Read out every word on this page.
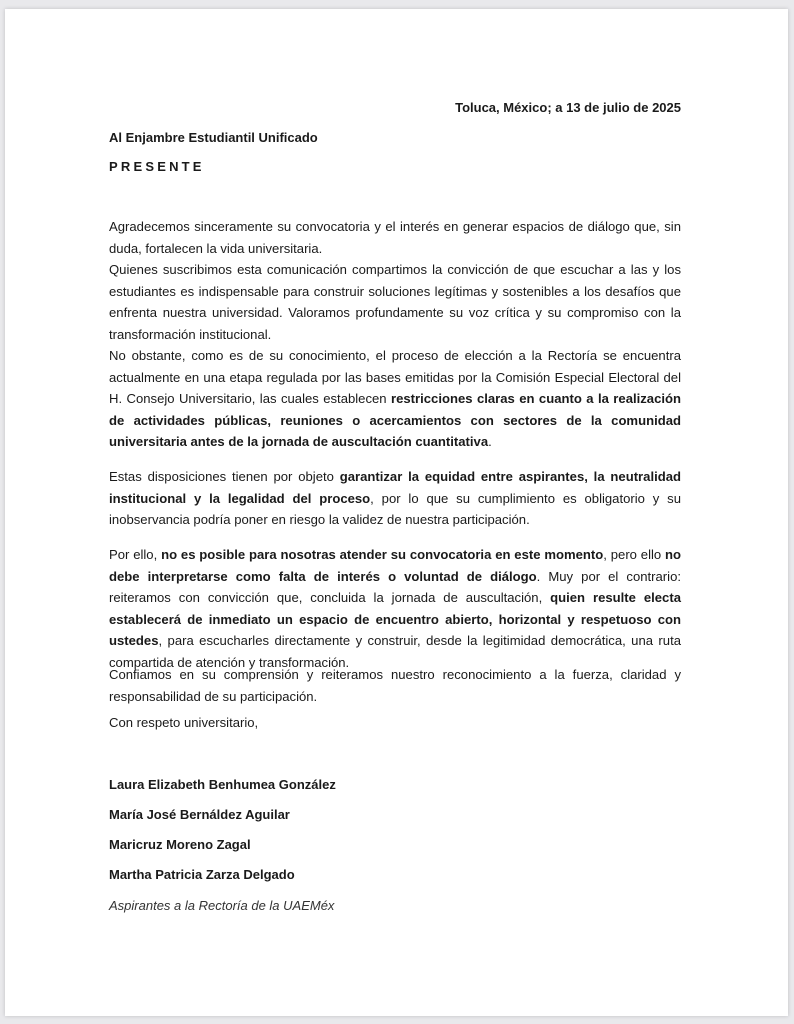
Toluca, México; a 13 de julio de 2025
Al Enjambre Estudiantil Unificado
PRESENTE

Agradecemos sinceramente su convocatoria y el interés en generar espacios de diálogo que, sin duda, fortalecen la vida universitaria.

Quienes suscribimos esta comunicación compartimos la convicción de que escuchar a las y los estudiantes es indispensable para construir soluciones legítimas y sostenibles a los desafíos que enfrenta nuestra universidad. Valoramos profundamente su voz crítica y su compromiso con la transformación institucional.

No obstante, como es de su conocimiento, el proceso de elección a la Rectoría se encuentra actualmente en una etapa regulada por las bases emitidas por la Comisión Especial Electoral del H. Consejo Universitario, las cuales establecen restricciones claras en cuanto a la realización de actividades públicas, reuniones o acercamientos con sectores de la comunidad universitaria antes de la jornada de auscultación cuantitativa.

Estas disposiciones tienen por objeto garantizar la equidad entre aspirantes, la neutralidad institucional y la legalidad del proceso, por lo que su cumplimiento es obligatorio y su inobservancia podría poner en riesgo la validez de nuestra participación.

Por ello, no es posible para nosotras atender su convocatoria en este momento, pero ello no debe interpretarse como falta de interés o voluntad de diálogo. Muy por el contrario: reiteramos con convicción que, concluida la jornada de auscultación, quien resulte electa establecerá de inmediato un espacio de encuentro abierto, horizontal y respetuoso con ustedes, para escucharles directamente y construir, desde la legitimidad democrática, una ruta compartida de atención y transformación.

Confiamos en su comprensión y reiteramos nuestro reconocimiento a la fuerza, claridad y responsabilidad de su participación.

Con respeto universitario,
Laura Elizabeth Benhumea González
María José Bernáldez Aguilar
Maricruz Moreno Zagal
Martha Patricia Zarza Delgado
Aspirantes a la Rectoría de la UAEMéx
